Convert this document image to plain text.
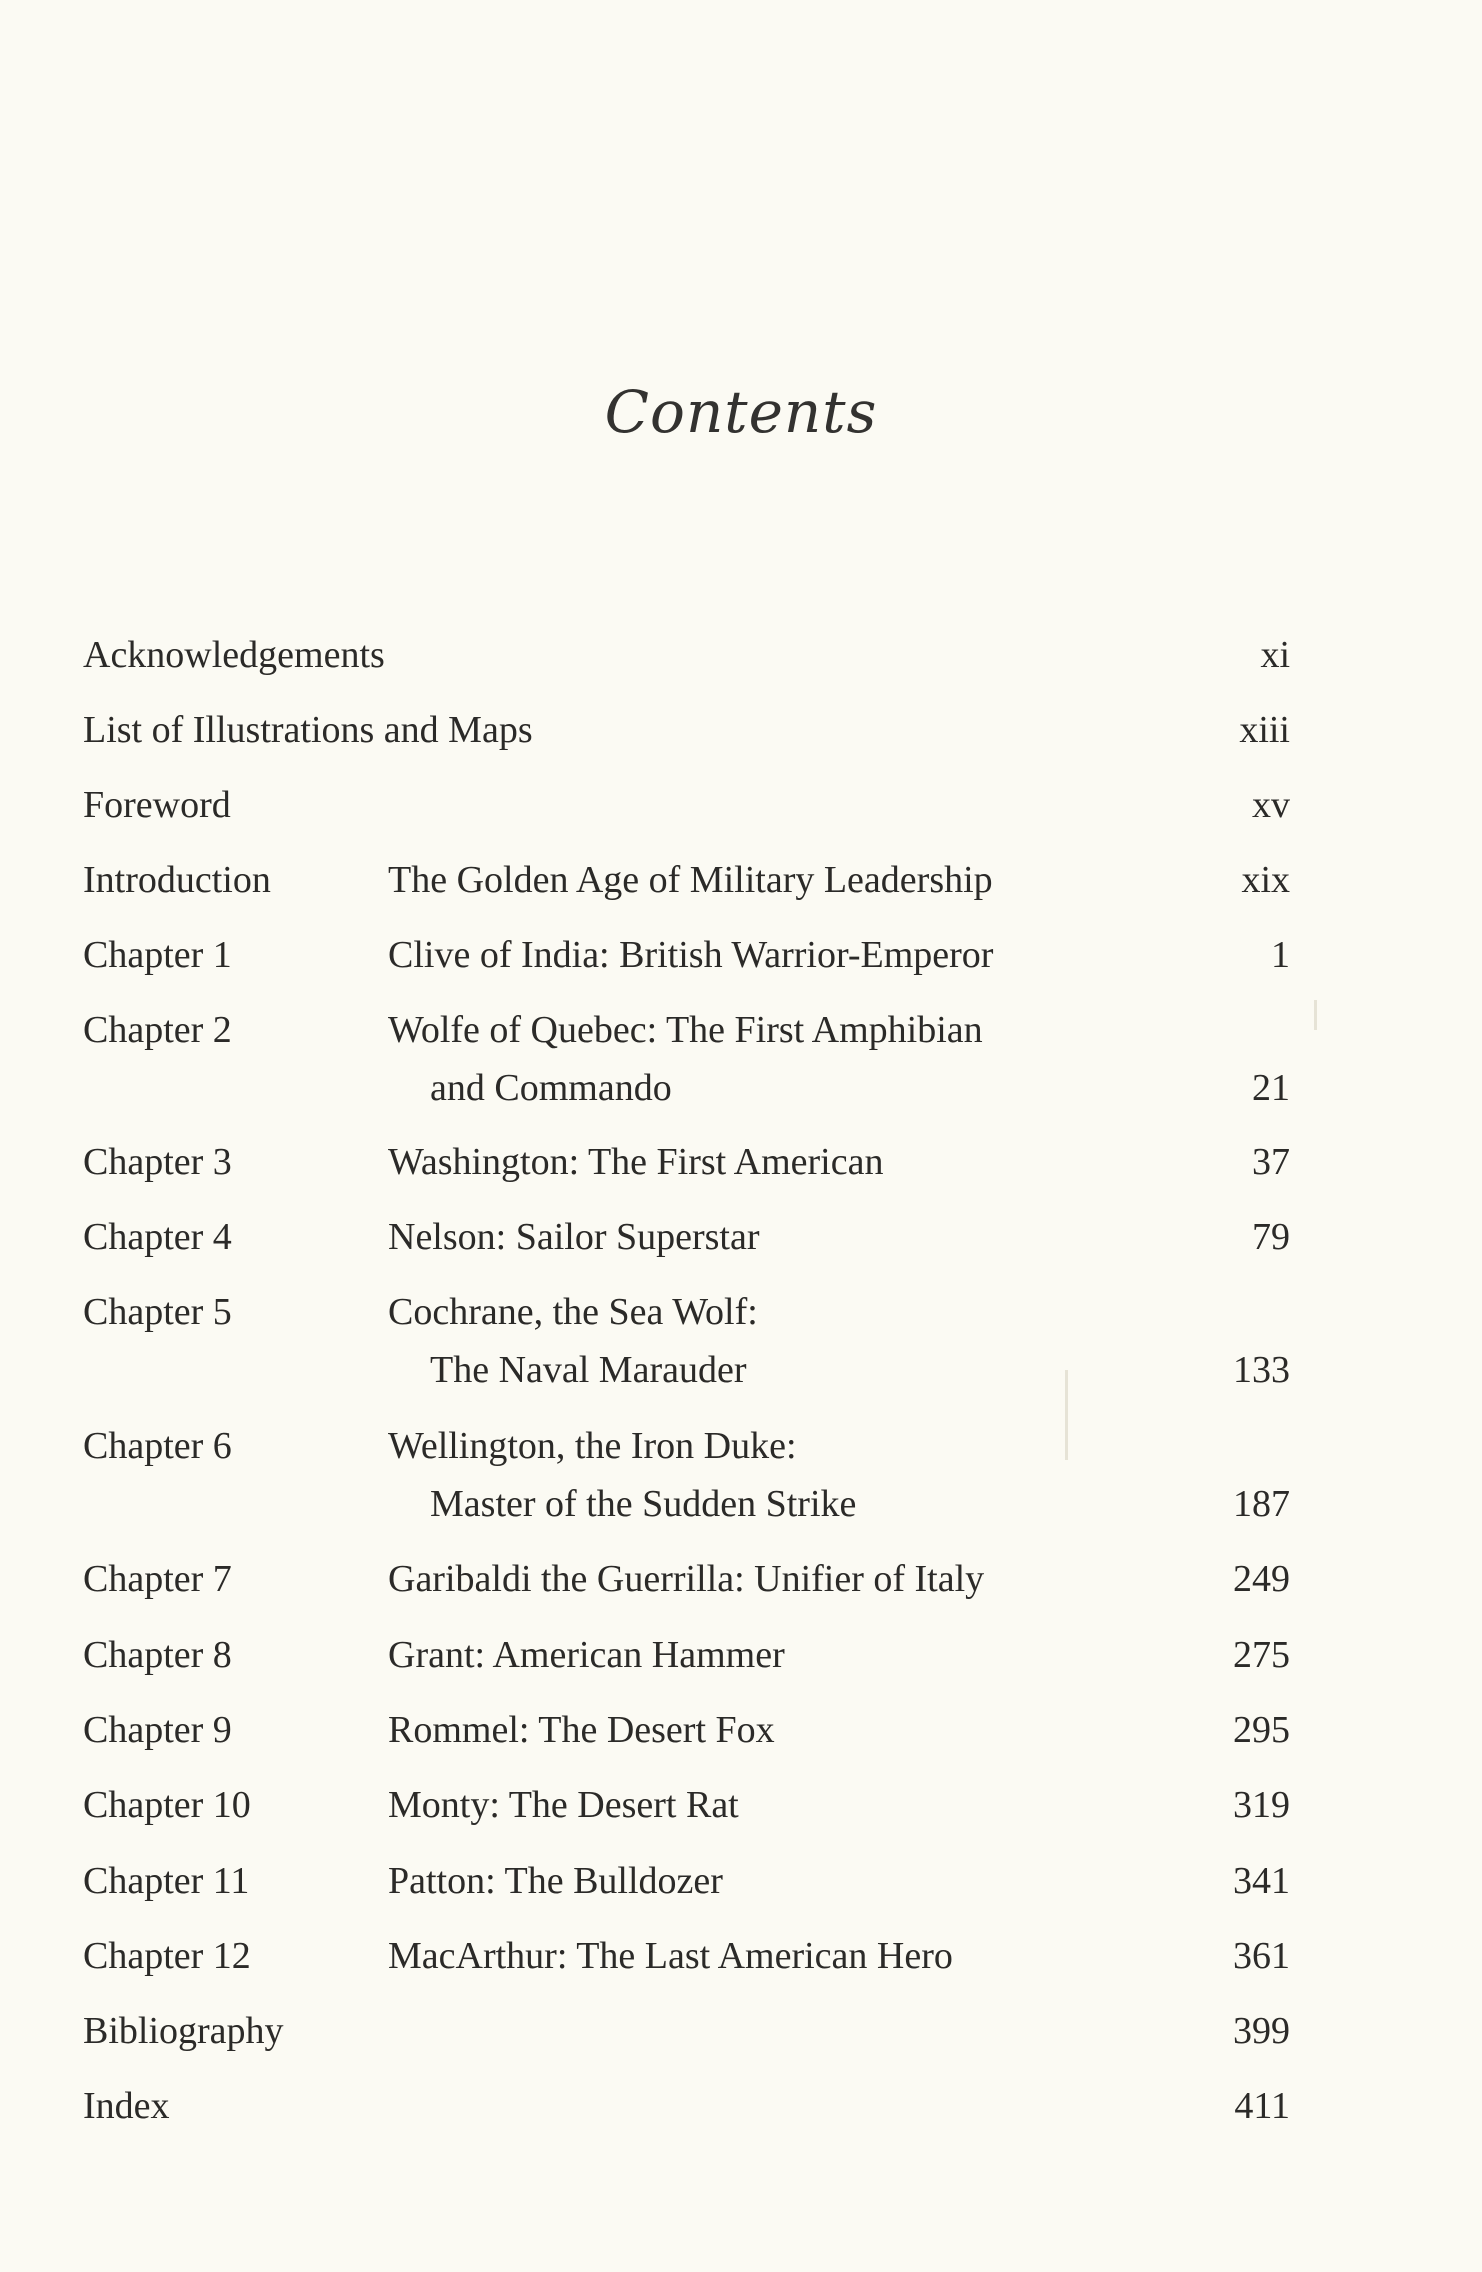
Contents
Acknowledgements	xi
List of Illustrations and Maps	xiii
Foreword	xv
Introduction	The Golden Age of Military Leadership	xix
Chapter 1	Clive of India: British Warrior-Emperor	1
Chapter 2	Wolfe of Quebec: The First Amphibian
and Commando	21
Chapter 3	Washington: The First American	37
Chapter 4	Nelson: Sailor Superstar	79
Chapter 5	Cochrane, the Sea Wolf:
The Naval Marauder	133
Chapter 6	Wellington, the Iron Duke:
Master of the Sudden Strike	187
Chapter 7	Garibaldi the Guerrilla: Unifier of Italy	249
Chapter 8	Grant: American Hammer	275
Chapter 9	Rommel: The Desert Fox	295
Chapter 10	Monty: The Desert Rat	319
Chapter 11	Patton: The Bulldozer	341
Chapter 12	MacArthur: The Last American Hero	361
Bibliography	399
Index	411
